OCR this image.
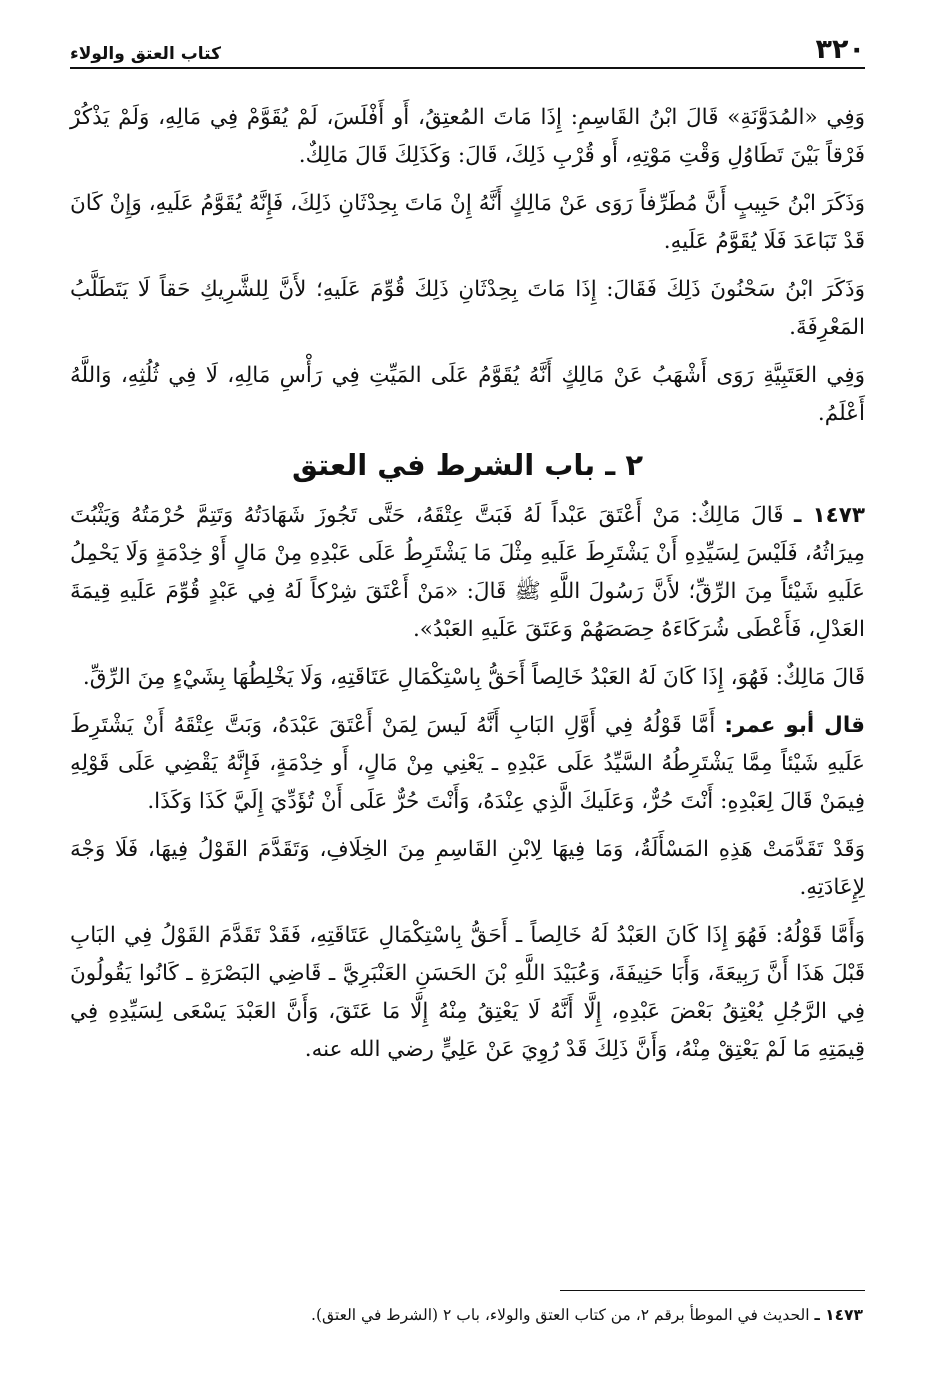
٣٢٠
كتاب العتق والولاء

وَفِي «المُدَوَّنَةِ» قَالَ ابْنُ القَاسِمِ: إِذَا مَاتَ المُعتِقُ، أَو أَفْلَسَ، لَمْ يُقَوَّمْ فِي مَالِهِ، وَلَمْ يَذْكُرْ فَرْقاً بَيْنَ تَطَاوُلِ وَقْتِ مَوْتِهِ، أَو قُرْبِ ذَلِكَ، قَالَ: وَكَذَلِكَ قَالَ مَالِكٌ.

وَذَكَرَ ابْنُ حَبِيبٍ أَنَّ مُطَرِّفاً رَوَى عَنْ مَالِكٍ أَنَّهُ إِنْ مَاتَ بِحِدْثَانِ ذَلِكَ، فَإِنَّهُ يُقَوَّمُ عَلَيهِ، وَإِنْ كَانَ قَدْ تَبَاعَدَ فَلَا يُقَوَّمُ عَلَيهِ.

وَذَكَرَ ابْنُ سَحْنُونَ ذَلِكَ فَقَالَ: إِذَا مَاتَ بِحِدْثَانِ ذَلِكَ قُوِّمَ عَلَيهِ؛ لأَنَّ لِلشَّرِيكِ حَقاً لَا يَتَطَلَّبُ المَعْرِفَةَ.

وَفِي العَتَبِيَّةِ رَوَى أَشْهَبُ عَنْ مَالِكٍ أَنَّهُ يُقَوَّمُ عَلَى المَيِّتِ فِي رَأْسِ مَالِهِ، لَا فِي ثُلُثِهِ، وَاللَّهُ أَعْلَمُ.

٢ ـ باب الشرط في العتق

١٤٧٣ ـ قَالَ مَالِكٌ: مَنْ أَعْتَقَ عَبْداً لَهُ فَبَتَّ عِتْقَهُ، حَتَّى تَجُوزَ شَهَادَتُهُ وَتَتِمَّ حُرْمَتُهُ وَيَثْبُتَ مِيرَاثُهُ، فَلَيْسَ لِسَيِّدِهِ أَنْ يَشْتَرِطَ عَلَيهِ مِثْلَ مَا يَشْتَرِطُ عَلَى عَبْدِهِ مِنْ مَالٍ أَوْ خِدْمَةٍ وَلَا يَحْمِلُ عَلَيهِ شَيْئاً مِنَ الرِّقِّ؛ لأَنَّ رَسُولَ اللَّهِ ﷺ قَالَ: «مَنْ أَعْتَقَ شِرْكاً لَهُ فِي عَبْدٍ قُوِّمَ عَلَيهِ قِيمَةَ العَدْلِ، فَأَعْطَى شُرَكَاءَهُ حِصَصَهُمْ وَعَتَقَ عَلَيهِ العَبْدُ».

قَالَ مَالِكٌ: فَهُوَ، إِذَا كَانَ لَهُ العَبْدُ خَالِصاً أَحَقُّ بِاسْتِكْمَالِ عَتَاقَتِهِ، وَلَا يَخْلِطُهَا بِشَيْءٍ مِنَ الرِّقِّ.

قال أبو عمر: أَمَّا قَوْلُهُ فِي أَوَّلِ البَابِ أَنَّهُ لَيسَ لِمَنْ أَعْتَقَ عَبْدَهُ، وَبَتَّ عِتْقَهُ أَنْ يَشْتَرِطَ عَلَيهِ شَيْئاً مِمَّا يَشْتَرِطُهُ السَّيِّدُ عَلَى عَبْدِهِ ـ يَعْنِي مِنْ مَالٍ، أَو خِدْمَةٍ، فَإِنَّهُ يَقْضِي عَلَى قَوْلِهِ فِيمَنْ قَالَ لِعَبْدِهِ: أَنْتَ حُرٌّ، وَعَلَيكَ الَّذِي عِنْدَهُ، وَأَنْتَ حُرٌّ عَلَى أَنْ تُؤَدِّيَ إِلَيَّ كَذَا وَكَذَا.

وَقَدْ تَقَدَّمَتْ هَذِهِ المَسْأَلَةُ، وَمَا فِيهَا لِابْنِ القَاسِمِ مِنَ الخِلَافِ، وَتَقَدَّمَ القَوْلُ فِيهَا، فَلَا وَجْهَ لِإِعَادَتِهِ.

وَأَمَّا قَوْلُهُ: فَهُوَ إِذَا كَانَ العَبْدُ لَهُ خَالِصاً ـ أَحَقُّ بِاسْتِكْمَالِ عَتَاقَتِهِ، فَقَدْ تَقَدَّمَ القَوْلُ فِي البَابِ قَبْلَ هَذَا أَنَّ رَبِيعَةَ، وَأَبَا حَنِيفَةَ، وَعُبَيْدَ اللَّهِ بْنَ الحَسَنِ العَنْبَرِيَّ ـ قَاضِي البَصْرَةِ ـ كَانُوا يَقُولُونَ فِي الرَّجُلِ يُعْتِقُ بَعْضَ عَبْدِهِ، إِلَّا أَنَّهُ لَا يَعْتِقُ مِنْهُ إِلَّا مَا عَتَقَ، وَأَنَّ العَبْدَ يَسْعَى لِسَيِّدِهِ فِي قِيمَتِهِ مَا لَمْ يَعْتِقْ مِنْهُ، وَأَنَّ ذَلِكَ قَدْ رُوِيَ عَنْ عَلِيٍّ رضي الله عنه.

١٤٧٣ ـ الحديث في الموطأ برقم ٢، من كتاب العتق والولاء، باب ٢ (الشرط في العتق).
